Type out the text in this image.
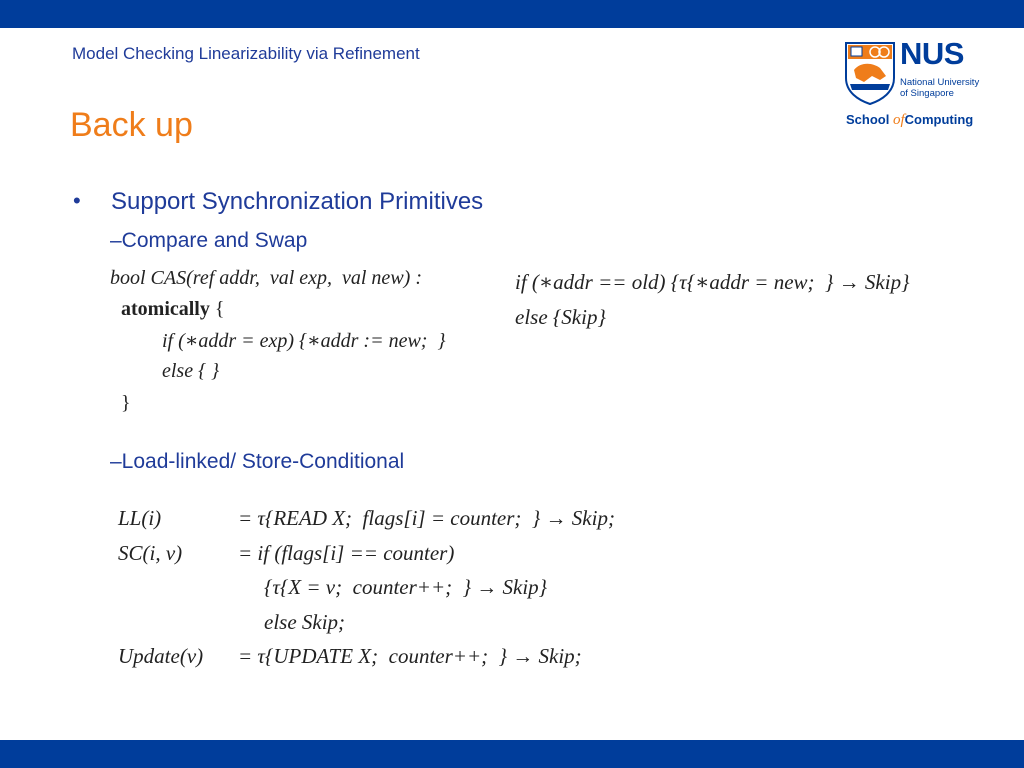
Model Checking Linearizability via Refinement
Back up
NUS
National University
of Singapore
School ofComputing
• Support Synchronization Primitives
–Compare and Swap
bool CAS(ref addr,  val exp,  val new) :
atomically {
if (∗addr = exp) {∗addr := new;  }
else { }
}
if (∗addr == old) {τ{∗addr = new;  } → Skip}
else {Skip}
–Load-linked/ Store-Conditional
LL(i)	= τ{READ X;  flags[i] = counter;  } → Skip;
SC(i, v)	= if (flags[i] == counter)
{τ{X = v;  counter++;  } → Skip}
else Skip;
Update(v) = τ{UPDATE X;  counter++;  } → Skip;
